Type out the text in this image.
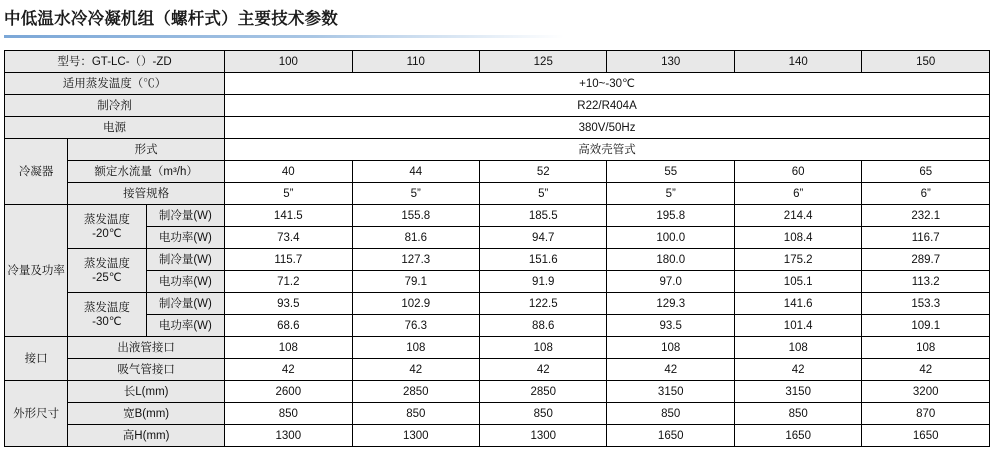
中低温水冷冷凝机组（螺杆式）主要技术参数
型号：GT-LC-（）-ZD			100	110	125	130	140	150
适用蒸发温度（℃）			+10~-30℃					
制冷剂			R22/R404A					
电源			380V/50Hz					
冷凝器	形式		高效壳管式					
	额定水流量（m³/h）		40	44	52	55	60	65
	接管规格		5”	5”	5”	5”	6”	6”

冷量及功率	蒸发温度
-20℃	制冷量(W)	141.5	155.8	185.5	195.8	214.4	232.1
		电功率(W)	73.4	81.6	94.7	100.0	108.4	116.7

	蒸发温度
-25℃	制冷量(W)	115.7	127.3	151.6	180.0	175.2	289.7
		电功率(W)	71.2	79.1	91.9	97.0	105.1	113.2

	蒸发温度
-30℃	制冷量(W)	93.5	102.9	122.5	129.3	141.6	153.3
		电功率(W)	68.6	76.3	88.6	93.5	101.4	109.1
接口	出液管接口		108	108	108	108	108	108
	吸气管接口		42	42	42	42	42	42
外形尺寸	长L(mm)		2600	2850	2850	3150	3150	3200
	宽B(mm)		850	850	850	850	850	870
	高H(mm)		1300	1300	1300	1650	1650	1650
